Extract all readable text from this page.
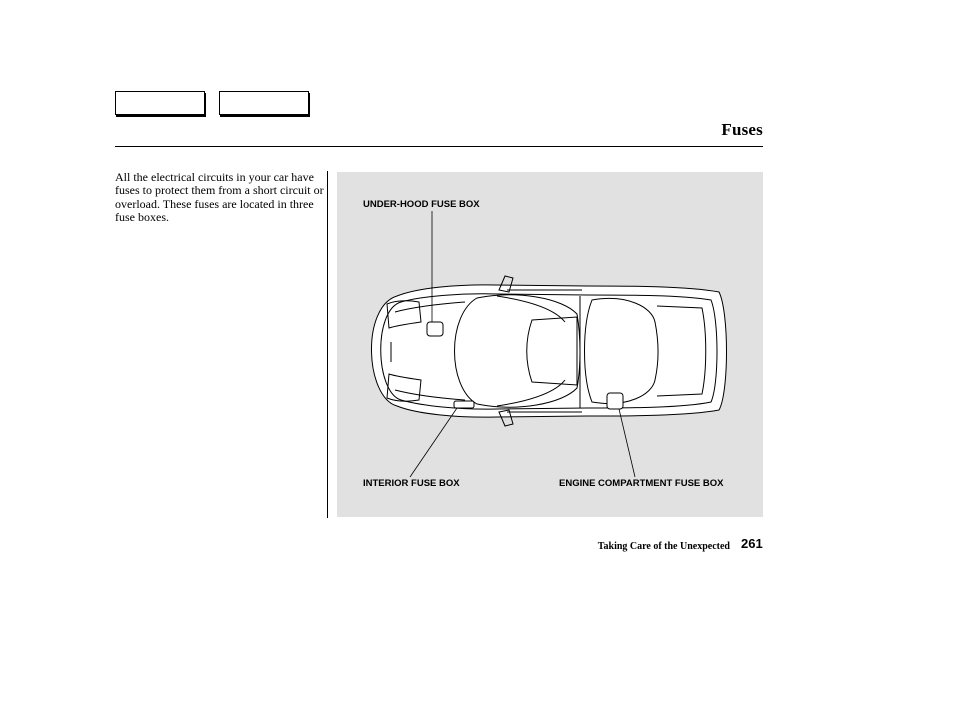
Fuses
All the electrical circuits in your car have fuses to protect them from a short circuit or overload. These fuses are located in three fuse boxes.
UNDER-HOOD FUSE BOX
INTERIOR FUSE BOX	ENGINE COMPARTMENT FUSE BOX
Taking Care of the Unexpected 261
